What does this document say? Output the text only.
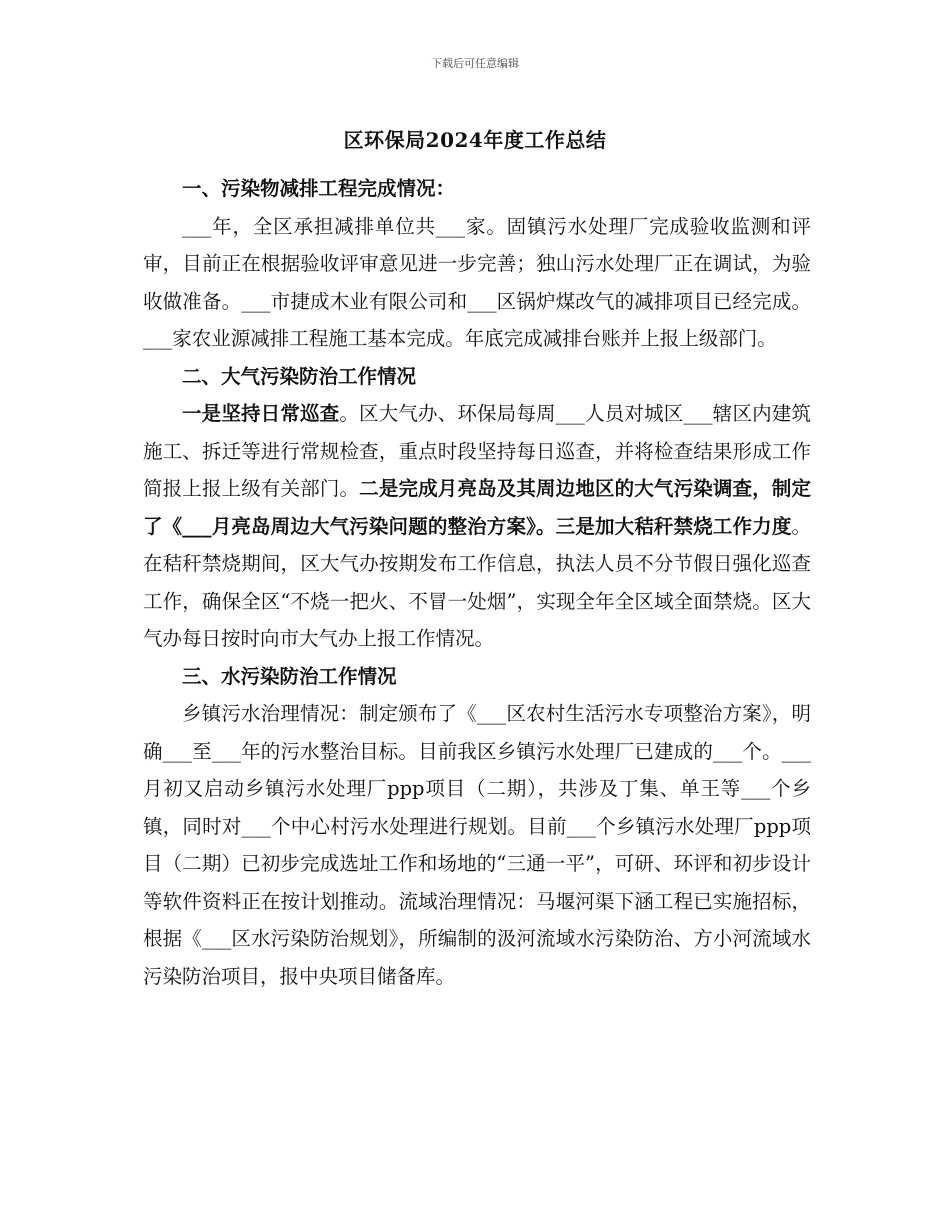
下载后可任意编辑
区环保局2024年度工作总结

一、污染物减排工程完成情况：

___年，全区承担减排单位共___家。固镇污水处理厂完成验收监测和评审，目前正在根据验收评审意见进一步完善；独山污水处理厂正在调试，为验收做准备。___市捷成木业有限公司和___区锅炉煤改气的减排项目已经完成。___家农业源减排工程施工基本完成。年底完成减排台账并上报上级部门。

二、大气污染防治工作情况

一是坚持日常巡查。区大气办、环保局每周___人员对城区___辖区内建筑施工、拆迁等进行常规检查，重点时段坚持每日巡查，并将检查结果形成工作简报上报上级有关部门。二是完成月亮岛及其周边地区的大气污染调查，制定了《___月亮岛周边大气污染问题的整治方案》。三是加大秸秆禁烧工作力度。在秸秆禁烧期间，区大气办按期发布工作信息，执法人员不分节假日强化巡查工作，确保全区“不烧一把火、不冒一处烟”，实现全年全区域全面禁烧。区大气办每日按时向市大气办上报工作情况。

三、水污染防治工作情况

乡镇污水治理情况：制定颁布了《___区农村生活污水专项整治方案》，明确___至___年的污水整治目标。目前我区乡镇污水处理厂已建成的___个。___月初又启动乡镇污水处理厂ppp项目（二期），共涉及丁集、单王等___个乡镇，同时对___个中心村污水处理进行规划。目前___个乡镇污水处理厂ppp项目（二期）已初步完成选址工作和场地的“三通一平”，可研、环评和初步设计等软件资料正在按计划推动。流域治理情况：马堰河渠下涵工程已实施招标，根据《___区水污染防治规划》，所编制的汲河流域水污染防治、方小河流域水污染防治项目，报中央项目储备库。
